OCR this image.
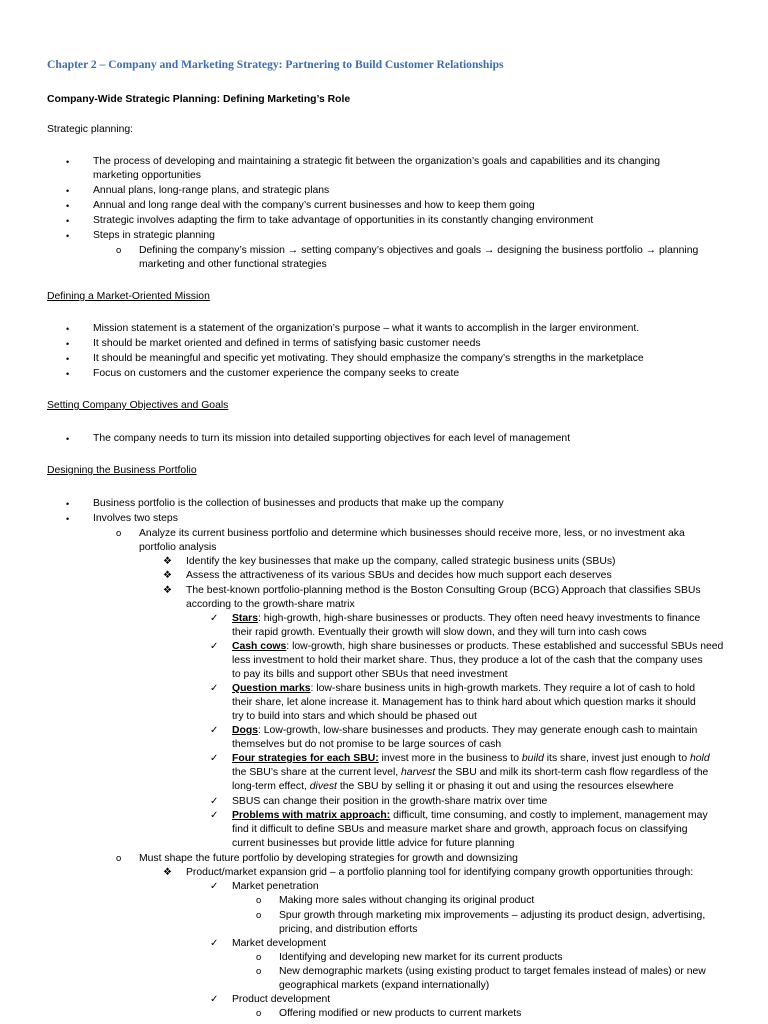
Chapter 2 – Company and Marketing Strategy: Partnering to Build Customer Relationships
Company-Wide Strategic Planning: Defining Marketing’s Role
Strategic planning:
• The process of developing and maintaining a strategic fit between the organization’s goals and capabilities and its changing
marketing opportunities
• Annual plans, long-range plans, and strategic plans
• Annual and long range deal with the company’s current businesses and how to keep them going
• Strategic involves adapting the firm to take advantage of opportunities in its constantly changing environment
• Steps in strategic planning
o Defining the company’s mission → setting company’s objectives and goals → designing the business portfolio → planning
marketing and other functional strategies
Defining a Market-Oriented Mission
• Mission statement is a statement of the organization’s purpose – what it wants to accomplish in the larger environment.
• It should be market oriented and defined in terms of satisfying basic customer needs
• It should be meaningful and specific yet motivating. They should emphasize the company’s strengths in the marketplace
• Focus on customers and the customer experience the company seeks to create
Setting Company Objectives and Goals
• The company needs to turn its mission into detailed supporting objectives for each level of management
Designing the Business Portfolio
• Business portfolio is the collection of businesses and products that make up the company
• Involves two steps
o Analyze its current business portfolio and determine which businesses should receive more, less, or no investment aka
portfolio analysis
❖ Identify the key businesses that make up the company, called strategic business units (SBUs)
❖ Assess the attractiveness of its various SBUs and decides how much support each deserves
❖ The best-known portfolio-planning method is the Boston Consulting Group (BCG) Approach that classifies SBUs
according to the growth-share matrix
✓ Stars: high-growth, high-share businesses or products. They often need heavy investments to finance
their rapid growth. Eventually their growth will slow down, and they will turn into cash cows
✓ Cash cows: low-growth, high share businesses or products. These established and successful SBUs need
less investment to hold their market share. Thus, they produce a lot of the cash that the company uses
to pay its bills and support other SBUs that need investment
✓ Question marks: low-share business units in high-growth markets. They require a lot of cash to hold
their share, let alone increase it. Management has to think hard about which question marks it should
try to build into stars and which should be phased out
✓ Dogs: Low-growth, low-share businesses and products. They may generate enough cash to maintain
themselves but do not promise to be large sources of cash
✓ Four strategies for each SBU: invest more in the business to build its share, invest just enough to hold
the SBU’s share at the current level, harvest the SBU and milk its short-term cash flow regardless of the
long-term effect, divest the SBU by selling it or phasing it out and using the resources elsewhere
✓ SBUS can change their position in the growth-share matrix over time
✓ Problems with matrix approach: difficult, time consuming, and costly to implement, management may
find it difficult to define SBUs and measure market share and growth, approach focus on classifying
current businesses but provide little advice for future planning
o Must shape the future portfolio by developing strategies for growth and downsizing
❖ Product/market expansion grid – a portfolio planning tool for identifying company growth opportunities through:
✓ Market penetration
o Making more sales without changing its original product
o Spur growth through marketing mix improvements – adjusting its product design, advertising,
pricing, and distribution efforts
✓ Market development
o Identifying and developing new market for its current products
o New demographic markets (using existing product to target females instead of males) or new
geographical markets (expand internationally)
✓ Product development
o Offering modified or new products to current markets
